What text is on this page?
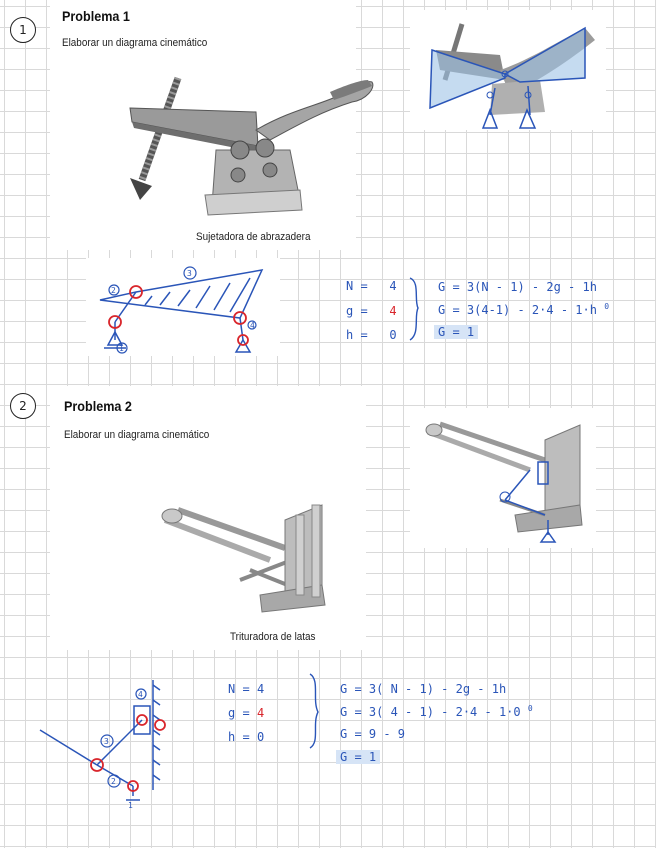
1
Problema 1
Elaborar un diagrama cinemático
Sujetadora de abrazadera
2
3
1
4
N = 4
g = 4
h = 0
G = 3(N - 1) - 2g - 1h
G = 3(4-1) - 2·4 - 1·h $^0$
G = 1
2	Problema 2
Elaborar un diagrama cinemático
Trituradora de latas
3
2
4
1
N = 4
g = 4
h = 0
G = 3( N - 1) - 2g - 1h
G = 3( 4 - 1) - 2·4 - 1·0 $^0$
G = 9 - 9
G = 1
